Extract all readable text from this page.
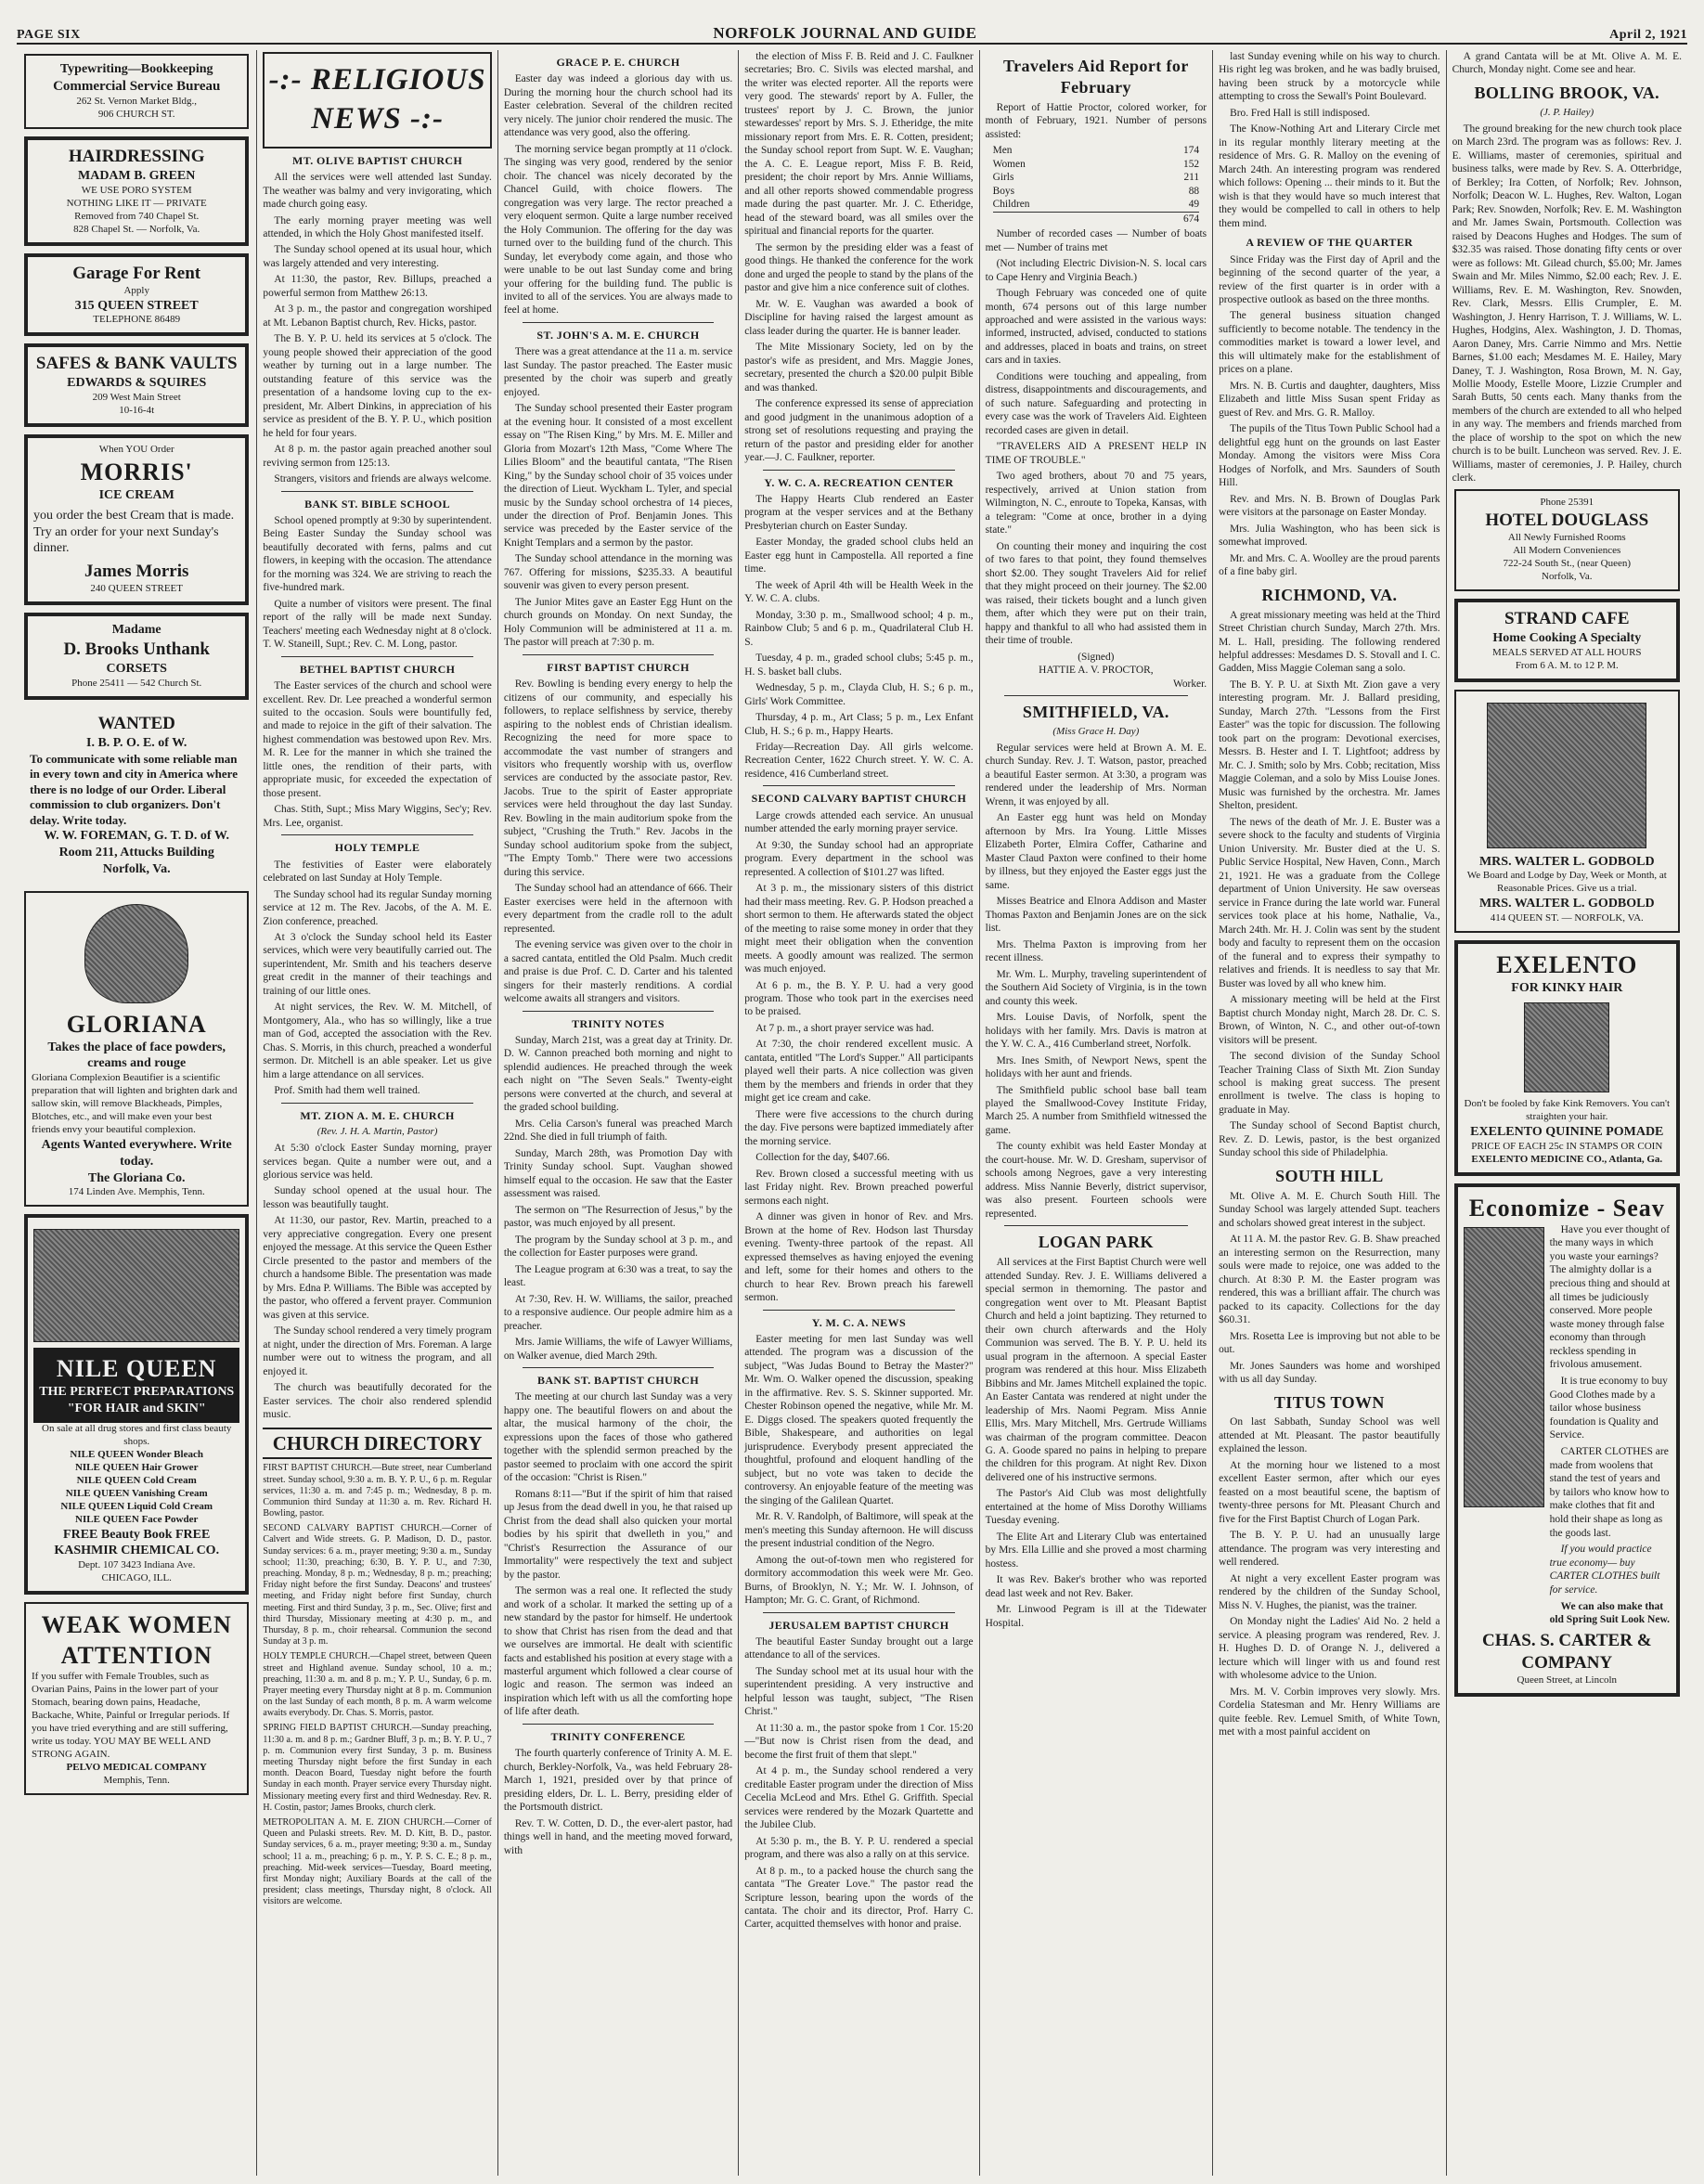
PAGE SIX	NORFOLK JOURNAL AND GUIDE	April 2, 1921
Typewriting—Bookkeeping
Commercial Service Bureau
262 St. Vernon Market Bldg.,
906 CHURCH ST.
HAIRDRESSING
MADAM B. GREEN
WE USE PORO SYSTEM
NOTHING LIKE IT — PRIVATE
Removed from 740 Chapel St.
828 Chapel St. — Norfolk, Va.
Garage For Rent
Apply
315 QUEEN STREET
TELEPHONE 86489
SAFES & BANK VAULTS
EDWARDS & SQUIRES
209 West Main Street
10-16-4t
When YOU Order
MORRIS'
ICE CREAM
you order the best Cream that is made. Try an order for your next Sunday's dinner.
James Morris
240 QUEEN STREET
Madame
D. Brooks Unthank
CORSETS
Phone 25411 — 542 Church St.
WANTED
I. B. P. O. E. of W.
To communicate with some reliable man in every town and city in America where there is no lodge of our Order. Liberal commission to club organizers. Don't delay. Write today.
W. W. FOREMAN, G. T. D. of W.
Room 211, Attucks Building
Norfolk, Va.
GLORIANA
Takes the place of face powders, creams and rouge
Gloriana Complexion Beautifier is a scientific preparation that will lighten and brighten dark and sallow skin, will remove Blackheads, Pimples, Blotches, etc., and will make even your best friends envy your beautiful complexion.
Agents Wanted everywhere. Write today.
The Gloriana Co.
174 Linden Ave. Memphis, Tenn.
NILE QUEEN
THE PERFECT PREPARATIONS
"FOR HAIR and SKIN"
On sale at all drug stores and first class beauty shops.
NILE QUEEN Wonder Bleach
NILE QUEEN Hair Grower
NILE QUEEN Cold Cream
NILE QUEEN Vanishing Cream
NILE QUEEN Liquid Cold Cream
NILE QUEEN Face Powder
FREE Beauty Book FREE
KASHMIR CHEMICAL CO.
Dept. 107 3423 Indiana Ave.
CHICAGO, ILL.
WEAK WOMEN
ATTENTION
If you suffer with Female Troubles, such as Ovarian Pains, Pains in the lower part of your Stomach, bearing down pains, Headache, Backache, White, Painful or Irregular periods. If you have tried everything and are still suffering, write us today. YOU MAY BE WELL AND STRONG AGAIN.
PELVO MEDICAL COMPANY
Memphis, Tenn.
-:- RELIGIOUS NEWS -:-
MT. OLIVE BAPTIST CHURCH

All the services were well attended last Sunday. The weather was balmy and very invigorating, which made church going easy.

The early morning prayer meeting was well attended, in which the Holy Ghost manifested itself.

The Sunday school opened at its usual hour, which was largely attended and very interesting.

At 11:30, the pastor, Rev. Billups, preached a powerful sermon from Matthew 26:13.

At 3 p. m., the pastor and congregation worshiped at Mt. Lebanon Baptist church, Rev. Hicks, pastor.

The B. Y. P. U. held its services at 5 o'clock. The young people showed their appreciation of the good weather by turning out in a large number. The outstanding feature of this service was the presentation of a handsome loving cup to the ex-president, Mr. Albert Dinkins, in appreciation of his service as president of the B. Y. P. U., which position he held for four years.

At 8 p. m. the pastor again preached another soul reviving sermon from 125:13.

Strangers, visitors and friends are always welcome.

BANK ST. BIBLE SCHOOL

School opened promptly at 9:30 by superintendent. Being Easter Sunday the Sunday school was beautifully decorated with ferns, palms and cut flowers, in keeping with the occasion. The attendance for the morning was 324. We are striving to reach the five-hundred mark.

Quite a number of visitors were present. The final report of the rally will be made next Sunday. Teachers' meeting each Wednesday night at 8 o'clock. T. W. Staneill, Supt.; Rev. C. M. Long, pastor.

BETHEL BAPTIST CHURCH

The Easter services of the church and school were excellent. Rev. Dr. Lee preached a wonderful sermon suited to the occasion. Souls were bountifully fed, and made to rejoice in the gift of their salvation. The highest commendation was bestowed upon Rev. Mrs. M. R. Lee for the manner in which she trained the little ones, the rendition of their parts, with appropriate music, for exceeded the expectation of those present.

Chas. Stith, Supt.; Miss Mary Wiggins, Sec'y; Rev. Mrs. Lee, organist.

HOLY TEMPLE

The festivities of Easter were elaborately celebrated on last Sunday at Holy Temple.

The Sunday school had its regular Sunday morning service at 12 m. The Rev. Jacobs, of the A. M. E. Zion conference, preached.

At 3 o'clock the Sunday school held its Easter services, which were very beautifully carried out. The superintendent, Mr. Smith and his teachers deserve great credit in the manner of their teachings and training of our little ones.

At night services, the Rev. W. M. Mitchell, of Montgomery, Ala., who has so willingly, like a true man of God, accepted the association with the Rev. Chas. S. Morris, in this church, preached a wonderful sermon. Dr. Mitchell is an able speaker. Let us give him a large attendance on all services.

Prof. Smith had them well trained.

MT. ZION A. M. E. CHURCH
(Rev. J. H. A. Martin, Pastor)

At 5:30 o'clock Easter Sunday morning, prayer services began. Quite a number were out, and a glorious service was held.

Sunday school opened at the usual hour. The lesson was beautifully taught.

At 11:30, our pastor, Rev. Martin, preached to a very appreciative congregation. Every one present enjoyed the message. At this service the Queen Esther Circle presented to the pastor and members of the church a handsome Bible. The presentation was made by Mrs. Edna P. Williams. The Bible was accepted by the pastor, who offered a fervent prayer. Communion was given at this service.

The Sunday school rendered a very timely program at night, under the direction of Mrs. Foreman. A large number were out to witness the program, and all enjoyed it.

The church was beautifully decorated for the Easter services. The choir also rendered splendid music.

CHURCH DIRECTORY

FIRST BAPTIST CHURCH.—Bute street, near Cumberland street. Sunday school, 9:30 a. m. B. Y. P. U., 6 p. m. Regular services, 11:30 a. m. and 7:45 p. m.; Wednesday, 8 p. m. Communion third Sunday at 11:30 a. m. Rev. Richard H. Bowling, pastor.

SECOND CALVARY BAPTIST CHURCH.—Corner of Calvert and Wide streets. G. P. Madison, D. D., pastor. Sunday services: 6 a. m., prayer meeting; 9:30 a. m., Sunday school; 11:30, preaching; 6:30, B. Y. P. U., and 7:30, preaching. Monday, 8 p. m.; Wednesday, 8 p. m.; preaching; Friday night before the first Sunday. Deacons' and trustees' meeting, and Friday night before first Sunday, church meeting. First and third Sunday, 3 p. m., Sec. Olive; first and third Thursday, Missionary meeting at 4:30 p. m., and Thursday, 8 p. m., choir rehearsal. Communion the second Sunday at 3 p. m.

HOLY TEMPLE CHURCH.—Chapel street, between Queen street and Highland avenue. Sunday school, 10 a. m.; preaching, 11:30 a. m. and 8 p. m.; Y. P. U., Sunday, 6 p. m. Prayer meeting every Thursday night at 8 p. m. Communion on the last Sunday of each month, 8 p. m. A warm welcome awaits everybody. Dr. Chas. S. Morris, pastor.

SPRING FIELD BAPTIST CHURCH.—Sunday preaching, 11:30 a. m. and 8 p. m.; Gardner Bluff, 3 p. m.; B. Y. P. U., 7 p. m. Communion every first Sunday, 3 p. m. Business meeting Thursday night before the first Sunday in each month. Deacon Board, Tuesday night before the fourth Sunday in each month. Prayer service every Thursday night. Missionary meeting every first and third Wednesday. Rev. R. H. Costin, pastor; James Brooks, church clerk.

METROPOLITAN A. M. E. ZION CHURCH.—Corner of Queen and Pulaski streets. Rev. M. D. Kitt, B. D., pastor. Sunday services, 6 a. m., prayer meeting; 9:30 a. m., Sunday school; 11 a. m., preaching; 6 p. m., Y. P. S. C. E.; 8 p. m., preaching. Mid-week services—Tuesday, Board meeting, first Monday night; Auxiliary Boards at the call of the president; class meetings, Thursday night, 8 o'clock. All visitors are welcome.

GRACE P. E. CHURCH

Easter day was indeed a glorious day with us. During the morning hour the church school had its Easter celebration. Several of the children recited very nicely. The junior choir rendered the music. The attendance was very good, also the offering.

The morning service began promptly at 11 o'clock. The singing was very good, rendered by the senior choir. The chancel was nicely decorated by the Chancel Guild, with choice flowers. The congregation was very large. The rector preached a very eloquent sermon. Quite a large number received the Holy Communion. The offering for the day was turned over to the building fund of the church. This Sunday, let everybody come again, and those who were unable to be out last Sunday come and bring your offering for the building fund. The public is invited to all of the services. You are always made to feel at home.

ST. JOHN'S A. M. E. CHURCH

There was a great attendance at the 11 a. m. service last Sunday. The pastor preached. The Easter music presented by the choir was superb and greatly enjoyed.

The Sunday school presented their Easter program at the evening hour. It consisted of a most excellent essay on "The Risen King," by Mrs. M. E. Miller and Gloria from Mozart's 12th Mass, "Come Where The Lilies Bloom" and the beautiful cantata, "The Risen King," by the Sunday school choir of 35 voices under the direction of Lieut. Wyckham L. Tyler, and special music by the Sunday school orchestra of 14 pieces, under the direction of Prof. Benjamin Jones. This service was preceded by the Easter service of the Knight Templars and a sermon by the pastor.

The Sunday school attendance in the morning was 767. Offering for missions, $235.33. A beautiful souvenir was given to every person present.

The Junior Mites gave an Easter Egg Hunt on the church grounds on Monday. On next Sunday, the Holy Communion will be administered at 11 a. m. The pastor will preach at 7:30 p. m.

FIRST BAPTIST CHURCH

Rev. Bowling is bending every energy to help the citizens of our community, and especially his followers, to replace selfishness by service, thereby aspiring to the noblest ends of Christian idealism. Recognizing the need for more space to accommodate the vast number of strangers and visitors who frequently worship with us, overflow services are conducted by the associate pastor, Rev. Jacobs. True to the spirit of Easter appropriate services were held throughout the day last Sunday. Rev. Bowling in the main auditorium spoke from the subject, "Crushing the Truth." Rev. Jacobs in the Sunday school auditorium spoke from the subject, "The Empty Tomb." There were two accessions during this service.

The Sunday school had an attendance of 666. Their Easter exercises were held in the afternoon with every department from the cradle roll to the adult represented.

The evening service was given over to the choir in a sacred cantata, entitled the Old Psalm. Much credit and praise is due Prof. C. D. Carter and his talented singers for their masterly renditions. A cordial welcome awaits all strangers and visitors.

TRINITY NOTES

Sunday, March 21st, was a great day at Trinity. Dr. D. W. Cannon preached both morning and night to splendid audiences. He preached through the week each night on "The Seven Seals." Twenty-eight persons were converted at the church, and several at the graded school building.

Mrs. Celia Carson's funeral was preached March 22nd. She died in full triumph of faith.

Sunday, March 28th, was Promotion Day with Trinity Sunday school. Supt. Vaughan showed himself equal to the occasion. He saw that the Easter assessment was raised.

The sermon on "The Resurrection of Jesus," by the pastor, was much enjoyed by all present.

The program by the Sunday school at 3 p. m., and the collection for Easter purposes were grand.

The League program at 6:30 was a treat, to say the least.

At 7:30, Rev. H. W. Williams, the sailor, preached to a responsive audience. Our people admire him as a preacher.

Mrs. Jamie Williams, the wife of Lawyer Williams, on Walker avenue, died March 29th.

BANK ST. BAPTIST CHURCH

The meeting at our church last Sunday was a very happy one. The beautiful flowers on and about the altar, the musical harmony of the choir, the expressions upon the faces of those who gathered together with the splendid sermon preached by the pastor seemed to proclaim with one accord the spirit of the occasion: "Christ is Risen."

Romans 8:11—"But if the spirit of him that raised up Jesus from the dead dwell in you, he that raised up Christ from the dead shall also quicken your mortal bodies by his spirit that dwelleth in you," and "Christ's Resurrection the Assurance of our Immortality" were respectively the text and subject by the pastor.

The sermon was a real one. It reflected the study and work of a scholar. It marked the setting up of a new standard by the pastor for himself. He undertook to show that Christ has risen from the dead and that we ourselves are immortal. He dealt with scientific facts and established his position at every stage with a masterful argument which followed a clear course of logic and reason. The sermon was indeed an inspiration which left with us all the comforting hope of life after death.

TRINITY CONFERENCE

The fourth quarterly conference of Trinity A. M. E. church, Berkley-Norfolk, Va., was held February 28-March 1, 1921, presided over by that prince of presiding elders, Dr. L. L. Berry, presiding elder of the Portsmouth district.

Rev. T. W. Cotten, D. D., the ever-alert pastor, had things well in hand, and the meeting moved forward, with

the election of Miss F. B. Reid and J. C. Faulkner secretaries; Bro. C. Sivils was elected marshal, and the writer was elected reporter. All the reports were very good. The stewards' report by A. Fuller, the trustees' report by J. C. Brown, the junior stewardesses' report by Mrs. S. J. Etheridge, the mite missionary report from Mrs. E. R. Cotten, president; the Sunday school report from Supt. W. E. Vaughan; the A. C. E. League report, Miss F. B. Reid, president; the choir report by Mrs. Annie Williams, and all other reports showed commendable progress made during the past quarter. Mr. J. C. Etheridge, head of the steward board, was all smiles over the spiritual and financial reports for the quarter.

The sermon by the presiding elder was a feast of good things. He thanked the conference for the work done and urged the people to stand by the plans of the pastor and give him a nice conference suit of clothes.

Mr. W. E. Vaughan was awarded a book of Discipline for having raised the largest amount as class leader during the quarter. He is banner leader.

The Mite Missionary Society, led on by the pastor's wife as president, and Mrs. Maggie Jones, secretary, presented the church a $20.00 pulpit Bible and was thanked.

The conference expressed its sense of appreciation and good judgment in the unanimous adoption of a strong set of resolutions requesting and praying the return of the pastor and presiding elder for another year.—J. C. Faulkner, reporter.

Y. W. C. A. RECREATION CENTER

The Happy Hearts Club rendered an Easter program at the vesper services and at the Bethany Presbyterian church on Easter Sunday.

Easter Monday, the graded school clubs held an Easter egg hunt in Campostella. All reported a fine time.

The week of April 4th will be Health Week in the Y. W. C. A. clubs.

Monday, 3:30 p. m., Smallwood school; 4 p. m., Rainbow Club; 5 and 6 p. m., Quadrilateral Club H. S.

Tuesday, 4 p. m., graded school clubs; 5:45 p. m., H. S. basket ball clubs.

Wednesday, 5 p. m., Clayda Club, H. S.; 6 p. m., Girls' Work Committee.

Thursday, 4 p. m., Art Class; 5 p. m., Lex Enfant Club, H. S.; 6 p. m., Happy Hearts.

Friday—Recreation Day. All girls welcome. Recreation Center, 1622 Church street. Y. W. C. A. residence, 416 Cumberland street.

SECOND CALVARY BAPTIST CHURCH

Large crowds attended each service. An unusual number attended the early morning prayer service.

At 9:30, the Sunday school had an appropriate program. Every department in the school was represented. A collection of $101.27 was lifted.

At 3 p. m., the missionary sisters of this district had their mass meeting. Rev. G. P. Hodson preached a short sermon to them. He afterwards stated the object of the meeting to raise some money in order that they might meet their obligation when the convention meets. A goodly amount was realized. The sermon was much enjoyed.

At 6 p. m., the B. Y. P. U. had a very good program. Those who took part in the exercises need to be praised.

At 7 p. m., a short prayer service was had.

At 7:30, the choir rendered excellent music. A cantata, entitled "The Lord's Supper." All participants played well their parts. A nice collection was given them by the members and friends in order that they might get ice cream and cake.

There were five accessions to the church during the day. Five persons were baptized immediately after the morning service.

Collection for the day, $407.66.

Rev. Brown closed a successful meeting with us last Friday night. Rev. Brown preached powerful sermons each night.

A dinner was given in honor of Rev. and Mrs. Brown at the home of Rev. Hodson last Thursday evening. Twenty-three partook of the repast. All expressed themselves as having enjoyed the evening and left, some for their homes and others to the church to hear Rev. Brown preach his farewell sermon.

Y. M. C. A. NEWS

Easter meeting for men last Sunday was well attended. The program was a discussion of the subject, "Was Judas Bound to Betray the Master?" Mr. Wm. O. Walker opened the discussion, speaking in the affirmative. Rev. S. S. Skinner supported. Mr. Chester Robinson opened the negative, while Mr. M. E. Diggs closed. The speakers quoted frequently the Bible, Shakespeare, and authorities on legal jurisprudence. Everybody present appreciated the thoughtful, profound and eloquent handling of the subject, but no vote was taken to decide the controversy. An enjoyable feature of the meeting was the singing of the Galilean Quartet.

Mr. R. V. Randolph, of Baltimore, will speak at the men's meeting this Sunday afternoon. He will discuss the present industrial condition of the Negro.

Among the out-of-town men who registered for dormitory accommodation this week were Mr. Geo. Burns, of Brooklyn, N. Y.; Mr. W. I. Johnson, of Hampton; Mr. G. C. Grant, of Richmond.

JERUSALEM BAPTIST CHURCH

The beautiful Easter Sunday brought out a large attendance to all of the services.

The Sunday school met at its usual hour with the superintendent presiding. A very instructive and helpful lesson was taught, subject, "The Risen Christ."

At 11:30 a. m., the pastor spoke from 1 Cor. 15:20—"But now is Christ risen from the dead, and become the first fruit of them that slept."

At 4 p. m., the Sunday school rendered a very creditable Easter program under the direction of Miss Cecelia McLeod and Mrs. Ethel G. Griffith. Special services were rendered by the Mozark Quartette and the Jubilee Club.

At 5:30 p. m., the B. Y. P. U. rendered a special program, and there was also a rally on at this service.

At 8 p. m., to a packed house the church sang the cantata "The Greater Love." The pastor read the Scripture lesson, bearing upon the words of the cantata. The choir and its director, Prof. Harry C. Carter, acquitted themselves with honor and praise.

Travelers Aid Report for February

Report of Hattie Proctor, colored worker, for month of February, 1921. Number of persons assisted:

Men	174
Women	152
Girls	211
Boys	88
Children	49
674

Number of recorded cases — Number of boats met — Number of trains met

(Not including Electric Division-N. S. local cars to Cape Henry and Virginia Beach.)

Though February was conceded one of quite month, 674 persons out of this large number approached and were assisted in the various ways: informed, instructed, advised, conducted to stations and addresses, placed in boats and trains, on street cars and in taxies.

Conditions were touching and appealing, from distress, disappointments and discouragements, and of such nature. Safeguarding and protecting in every case was the work of Travelers Aid. Eighteen recorded cases are given in detail.

"TRAVELERS AID A PRESENT HELP IN TIME OF TROUBLE."

Two aged brothers, about 70 and 75 years, respectively, arrived at Union station from Wilmington, N. C., enroute to Topeka, Kansas, with a telegram: "Come at once, brother in a dying state."

On counting their money and inquiring the cost of two fares to that point, they found themselves short $2.00. They sought Travelers Aid for relief that they might proceed on their journey. The $2.00 was raised, their tickets bought and a lunch given them, after which they were put on their train, happy and thankful to all who had assisted them in their time of trouble.

(Signed)
HATTIE A. V. PROCTOR,
Worker.
SMITHFIELD, VA.
(Miss Grace H. Day)

Regular services were held at Brown A. M. E. church Sunday. Rev. J. T. Watson, pastor, preached a beautiful Easter sermon. At 3:30, a program was rendered under the leadership of Mrs. Norman Wrenn, it was enjoyed by all.

An Easter egg hunt was held on Monday afternoon by Mrs. Ira Young. Little Misses Elizabeth Porter, Elmira Coffer, Catharine and Master Claud Paxton were confined to their home by illness, but they enjoyed the Easter eggs just the same.

Misses Beatrice and Elnora Addison and Master Thomas Paxton and Benjamin Jones are on the sick list.

Mrs. Thelma Paxton is improving from her recent illness.

Mr. Wm. L. Murphy, traveling superintendent of the Southern Aid Society of Virginia, is in the town and county this week.

Mrs. Louise Davis, of Norfolk, spent the holidays with her family. Mrs. Davis is matron at the Y. W. C. A., 416 Cumberland street, Norfolk.

Mrs. Ines Smith, of Newport News, spent the holidays with her aunt and friends.

The Smithfield public school base ball team played the Smallwood-Covey Institute Friday, March 25. A number from Smithfield witnessed the game.

The county exhibit was held Easter Monday at the court-house. Mr. W. D. Gresham, supervisor of schools among Negroes, gave a very interesting address. Miss Nannie Beverly, district supervisor, was also present. Fourteen schools were represented.

LOGAN PARK

All services at the First Baptist Church were well attended Sunday. Rev. J. E. Williams delivered a special sermon in themorning. The pastor and congregation went over to Mt. Pleasant Baptist Church and held a joint baptizing. They returned to their own church afterwards and the Holy Communion was served. The B. Y. P. U. held its usual program in the afternoon. A special Easter program was rendered at this hour. Miss Elizabeth Bibbins and Mr. James Mitchell explained the topic. An Easter Cantata was rendered at night under the leadership of Mrs. Naomi Pegram. Miss Annie Ellis, Mrs. Mary Mitchell, Mrs. Gertrude Williams was chairman of the program committee. Deacon G. A. Goode spared no pains in helping to prepare the children for this program. At night Rev. Dixon delivered one of his instructive sermons.

The Pastor's Aid Club was most delightfully entertained at the home of Miss Dorothy Williams Tuesday evening.

The Elite Art and Literary Club was entertained by Mrs. Ella Lillie and she proved a most charming hostess.

It was Rev. Baker's brother who was reported dead last week and not Rev. Baker.

Mr. Linwood Pegram is ill at the Tidewater Hospital.

last Sunday evening while on his way to church. His right leg was broken, and he was badly bruised, having been struck by a motorcycle while attempting to cross the Sewall's Point Boulevard.

Bro. Fred Hall is still indisposed.

The Know-Nothing Art and Literary Circle met in its regular monthly literary meeting at the residence of Mrs. G. R. Malloy on the evening of March 24th. An interesting program was rendered which follows: Opening ... their minds to it. But the wish is that they would have so much interest that they would be compelled to call in others to help them mind.

A REVIEW OF THE QUARTER

Since Friday was the First day of April and the beginning of the second quarter of the year, a review of the first quarter is in order with a prospective outlook as based on the three months.

The general business situation changed sufficiently to become notable. The tendency in the commodities market is toward a lower level, and this will ultimately make for the establishment of prices on a plane.

Mrs. N. B. Curtis and daughter, daughters, Miss Elizabeth and little Miss Susan spent Friday as guest of Rev. and Mrs. G. R. Malloy.

The pupils of the Titus Town Public School had a delightful egg hunt on the grounds on last Easter Monday. Among the visitors were Miss Cora Hodges of Norfolk, and Mrs. Saunders of South Hill.

Rev. and Mrs. N. B. Brown of Douglas Park were visitors at the parsonage on Easter Monday.

Mrs. Julia Washington, who has been sick is somewhat improved.

Mr. and Mrs. C. A. Woolley are the proud parents of a fine baby girl.

RICHMOND, VA.

A great missionary meeting was held at the Third Street Christian church Sunday, March 27th. Mrs. M. L. Hall, presiding. The following rendered helpful addresses: Mesdames D. S. Stovall and I. C. Gadden, Miss Maggie Coleman sang a solo.

The B. Y. P. U. at Sixth Mt. Zion gave a very interesting program. Mr. J. Ballard presiding, Sunday, March 27th. "Lessons from the First Easter" was the topic for discussion. The following took part on the program: Devotional exercises, Messrs. B. Hester and I. T. Lightfoot; address by Mr. C. J. Smith; solo by Mrs. Cobb; recitation, Miss Maggie Coleman, and a solo by Miss Louise Jones. Music was furnished by the orchestra. Mr. James Shelton, president.

The news of the death of Mr. J. E. Buster was a severe shock to the faculty and students of Virginia Union University. Mr. Buster died at the U. S. Public Service Hospital, New Haven, Conn., March 21, 1921. He was a graduate from the College department of Union University. He saw overseas service in France during the late world war. Funeral services took place at his home, Nathalie, Va., March 24th. Mr. H. J. Colin was sent by the student body and faculty to represent them on the occasion of the funeral and to express their sympathy to relatives and friends. It is needless to say that Mr. Buster was loved by all who knew him.

A missionary meeting will be held at the First Baptist church Monday night, March 28. Dr. C. S. Brown, of Winton, N. C., and other out-of-town visitors will be present.

The second division of the Sunday School Teacher Training Class of Sixth Mt. Zion Sunday school is making great success. The present enrollment is twelve. The class is hoping to graduate in May.

The Sunday school of Second Baptist church, Rev. Z. D. Lewis, pastor, is the best organized Sunday school this side of Philadelphia.

SOUTH HILL

Mt. Olive A. M. E. Church South Hill. The Sunday School was largely attended Supt. teachers and scholars showed great interest in the subject.

At 11 A. M. the pastor Rev. G. B. Shaw preached an interesting sermon on the Resurrection, many souls were made to rejoice, one was added to the church. At 8:30 P. M. the Easter program was rendered, this was a brilliant affair. The church was packed to its capacity. Collections for the day $60.31.

Mrs. Rosetta Lee is improving but not able to be out.

Mr. Jones Saunders was home and worshiped with us all day Sunday.

TITUS TOWN

On last Sabbath, Sunday School was well attended at Mt. Pleasant. The pastor beautifully explained the lesson.

At the morning hour we listened to a most excellent Easter sermon, after which our eyes feasted on a most beautiful scene, the baptism of twenty-three persons for Mt. Pleasant Church and five for the First Baptist Church of Logan Park.

The B. Y. P. U. had an unusually large attendance. The program was very interesting and well rendered.

At night a very excellent Easter program was rendered by the children of the Sunday School, Miss N. V. Hughes, the pianist, was the trainer.

On Monday night the Ladies' Aid No. 2 held a service. A pleasing program was rendered, Rev. J. H. Hughes D. D. of Orange N. J., delivered a lecture which will linger with us and found rest with wholesome advice to the Union.

Mrs. M. V. Corbin improves very slowly. Mrs. Cordelia Statesman and Mr. Henry Williams are quite feeble. Rev. Lemuel Smith, of White Town, met with a most painful accident on

A grand Cantata will be at Mt. Olive A. M. E. Church, Monday night. Come see and hear.

BOLLING BROOK, VA.
(J. P. Hailey)

The ground breaking for the new church took place on March 23rd. The program was as follows: Rev. J. E. Williams, master of ceremonies, spiritual and business talks, were made by Rev. S. A. Otterbridge, of Berkley; Ira Cotten, of Norfolk; Rev. Johnson, Norfolk; Deacon W. L. Hughes, Rev. Walton, Logan Park; Rev. Snowden, Norfolk; Rev. E. M. Washington and Mr. James Swain, Portsmouth. Collection was raised by Deacons Hughes and Hodges. The sum of $32.35 was raised. Those donating fifty cents or over were as follows: Mt. Gilead church, $5.00; Mr. James Swain and Mr. Miles Nimmo, $2.00 each; Rev. J. E. Williams, Rev. E. M. Washington, Rev. Snowden, Rev. Clark, Messrs. Ellis Crumpler, E. M. Washington, J. Henry Harrison, T. J. Williams, W. L. Hughes, Hodgins, Alex. Washington, J. D. Thomas, Aaron Daney, Mrs. Carrie Nimmo and Mrs. Nettie Barnes, $1.00 each; Mesdames M. E. Hailey, Mary Daney, T. J. Washington, Rosa Brown, M. N. Gay, Mollie Moody, Estelle Moore, Lizzie Crumpler and Sarah Butts, 50 cents each. Many thanks from the members of the church are extended to all who helped in any way. The members and friends marched from the place of worship to the spot on which the new church is to be built. Luncheon was served. Rev. J. E. Williams, master of ceremonies, J. P. Hailey, church clerk.

Phone 25391
HOTEL DOUGLASS
All Newly Furnished Rooms
All Modern Conveniences
722-24 South St., (near Queen)
Norfolk, Va.
STRAND CAFE
Home Cooking A Specialty
MEALS SERVED AT ALL HOURS
From 6 A. M. to 12 P. M.
MRS. WALTER L. GODBOLD
We Board and Lodge by Day, Week or Month, at Reasonable Prices. Give us a trial.
MRS. WALTER L. GODBOLD
414 QUEEN ST. — NORFOLK, VA.
EXELENTO
FOR KINKY HAIR
Don't be fooled by fake Kink Removers. You can't straighten your hair.
EXELENTO QUININE POMADE
PRICE OF EACH 25c IN STAMPS OR COIN
EXELENTO MEDICINE CO., Atlanta, Ga.
Economize - Seav

Have you ever thought of the many ways in which you waste your earnings? The almighty dollar is a precious thing and should at all times be judiciously conserved. More people waste money through false economy than through reckless spending in frivolous amusement.

It is true economy to buy Good Clothes made by a tailor whose business foundation is Quality and Service.

CARTER CLOTHES are made from woolens that stand the test of years and by tailors who know how to make clothes that fit and hold their shape as long as the goods last.

If you would practice true economy— buy CARTER CLOTHES built for service.

We can also make that old Spring Suit Look New.

CHAS. S. CARTER & COMPANY
Queen Street, at Lincoln
